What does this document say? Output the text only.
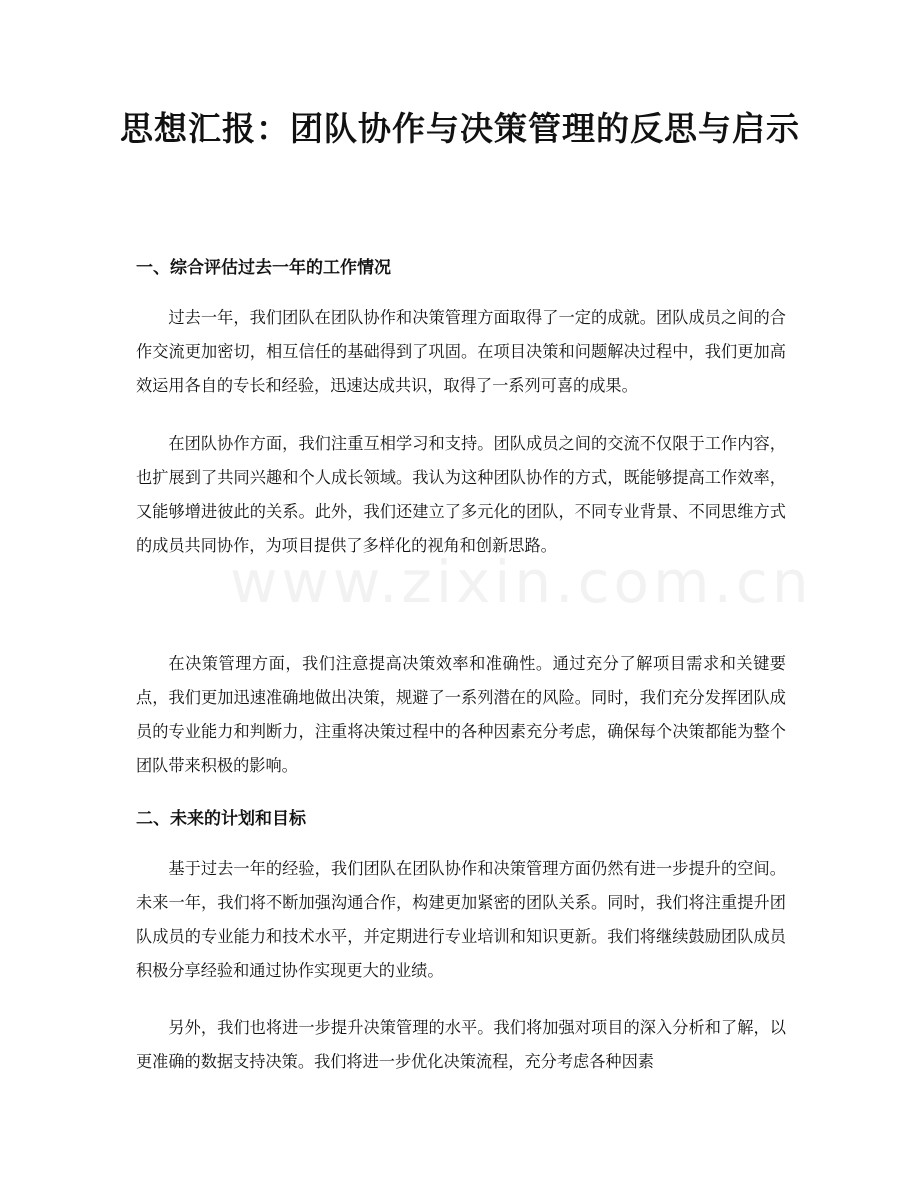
www.zixin.com.cn
思想汇报：团队协作与决策管理的反思与启示
一、综合评估过去一年的工作情况

过去一年，我们团队在团队协作和决策管理方面取得了一定的成就。团队成员之间的合作交流更加密切，相互信任的基础得到了巩固。在项目决策和问题解决过程中，我们更加高效运用各自的专长和经验，迅速达成共识，取得了一系列可喜的成果。

在团队协作方面，我们注重互相学习和支持。团队成员之间的交流不仅限于工作内容，也扩展到了共同兴趣和个人成长领域。我认为这种团队协作的方式，既能够提高工作效率，又能够增进彼此的关系。此外，我们还建立了多元化的团队，不同专业背景、不同思维方式的成员共同协作，为项目提供了多样化的视角和创新思路。

在决策管理方面，我们注意提高决策效率和准确性。通过充分了解项目需求和关键要点，我们更加迅速准确地做出决策，规避了一系列潜在的风险。同时，我们充分发挥团队成员的专业能力和判断力，注重将决策过程中的各种因素充分考虑，确保每个决策都能为整个团队带来积极的影响。

二、未来的计划和目标

基于过去一年的经验，我们团队在团队协作和决策管理方面仍然有进一步提升的空间。未来一年，我们将不断加强沟通合作，构建更加紧密的团队关系。同时，我们将注重提升团队成员的专业能力和技术水平，并定期进行专业培训和知识更新。我们将继续鼓励团队成员积极分享经验和通过协作实现更大的业绩。

另外，我们也将进一步提升决策管理的水平。我们将加强对项目的深入分析和了解，以更准确的数据支持决策。我们将进一步优化决策流程，充分考虑各种因素
